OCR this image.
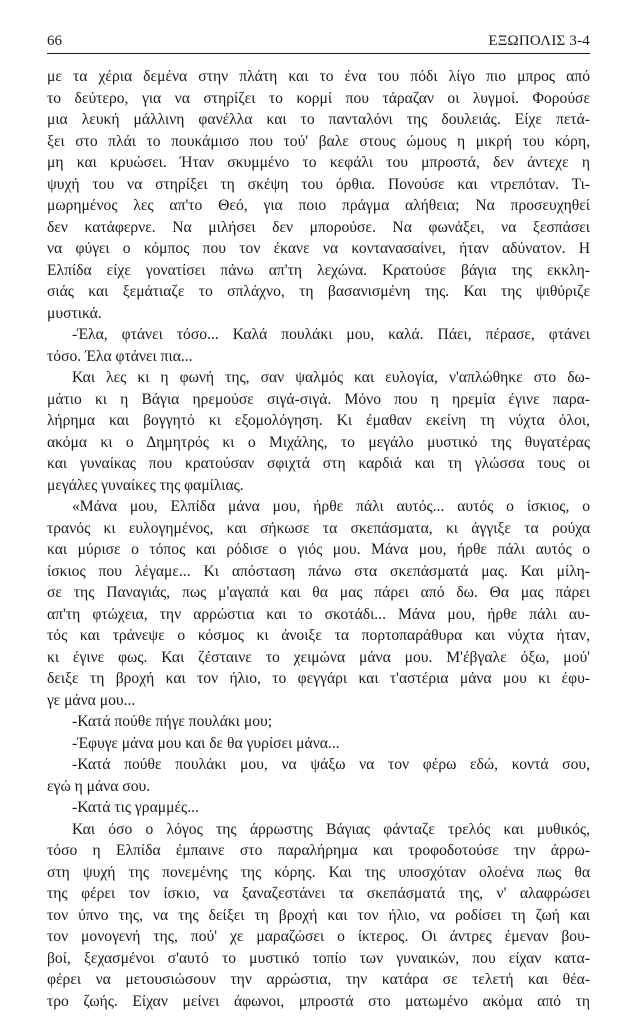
66	ΕΞΩΠΟΛΙΣ 3-4
με τα χέρια δεμένα στην πλάτη και το ένα του πόδι λίγο πιο μπρος από
το δεύτερο, για να στηρίζει το κορμί που τάραζαν οι λυγμοί. Φορούσε
μια λευκή μάλλινη φανέλλα και το πανταλόνι της δουλειάς. Είχε πετά-
ξει στο πλάι το πουκάμισο που τού' βαλε στους ώμους η μικρή του κόρη,
μη και κρυώσει. Ήταν σκυμμένο το κεφάλι του μπροστά, δεν άντεχε η
ψυχή του να στηρίξει τη σκέψη του όρθια. Πονούσε και ντρεπόταν. Τι-
μωρημένος λες απ'το Θεό, για ποιο πράγμα αλήθεια; Να προσευχηθεί
δεν κατάφερνε. Να μιλήσει δεν μπορούσε. Να φωνάξει, να ξεσπάσει
να φύγει ο κόμπος που τον έκανε να κοντανασαίνει, ήταν αδύνατον. Η
Ελπίδα είχε γονατίσει πάνω απ'τη λεχώνα. Κρατούσε βάγια της εκκλη-
σιάς και ξεμάτιαζε το σπλάχνο, τη βασανισμένη της. Και της ψιθύριζε
μυστικά.
-Έλα, φτάνει τόσο... Καλά πουλάκι μου, καλά. Πάει, πέρασε, φτάνει
τόσο. Έλα φτάνει πια...
Και λες κι η φωνή της, σαν ψαλμός και ευλογία, ν'απλώθηκε στο δω-
μάτιο κι η Βάγια ηρεμούσε σιγά-σιγά. Μόνο που η ηρεμία έγινε παρα-
λήρημα και βογγητό κι εξομολόγηση. Κι έμαθαν εκείνη τη νύχτα όλοι,
ακόμα κι ο Δημητρός κι ο Μιχάλης, το μεγάλο μυστικό της θυγατέρας
και γυναίκας που κρατούσαν σφιχτά στη καρδιά και τη γλώσσα τους οι
μεγάλες γυναίκες της φαμίλιας.
«Μάνα μου, Ελπίδα μάνα μου, ήρθε πάλι αυτός... αυτός ο ίσκιος, ο
τρανός κι ευλογημένος, και σήκωσε τα σκεπάσματα, κι άγγιξε τα ρούχα
και μύρισε ο τόπος και ρόδισε ο γιός μου. Μάνα μου, ήρθε πάλι αυτός ο
ίσκιος που λέγαμε... Κι απόσταση πάνω στα σκεπάσματά μας. Και μίλη-
σε της Παναγιάς, πως μ'αγαπά και θα μας πάρει από δω. Θα μας πάρει
απ'τη φτώχεια, την αρρώστια και το σκοτάδι... Μάνα μου, ήρθε πάλι αυ-
τός και τράνεψε ο κόσμος κι άνοιξε τα πορτοπαράθυρα και νύχτα ήταν,
κι έγινε φως. Και ζέσταινε το χειμώνα μάνα μου. Μ'έβγαλε όξω, μού'
δειξε τη βροχή και τον ήλιο, το φεγγάρι και τ'αστέρια μάνα μου κι έφυ-
γε μάνα μου...
-Κατά πούθε πήγε πουλάκι μου;
-Έφυγε μάνα μου και δε θα γυρίσει μάνα...
-Κατά πούθε πουλάκι μου, να ψάξω να τον φέρω εδώ, κοντά σου,
εγώ η μάνα σου.
-Κατά τις γραμμές...
Και όσο ο λόγος της άρρωστης Βάγιας φάνταζε τρελός και μυθικός,
τόσο η Ελπίδα έμπαινε στο παραλήρημα και τροφοδοτούσε την άρρω-
στη ψυχή της πονεμένης της κόρης. Και της υποσχόταν ολοένα πως θα
της φέρει τον ίσκιο, να ξαναζεστάνει τα σκεπάσματά της, ν' αλαφρώσει
τον ύπνο της, να της δείξει τη βροχή και τον ήλιο, να ροδίσει τη ζωή και
τον μονογενή της, πού' χε μαραζώσει ο ίκτερος. Οι άντρες έμεναν βου-
βοί, ξεχασμένοι σ'αυτό το μυστικό τοπίο των γυναικών, που είχαν κατα-
φέρει να μετουσιώσουν την αρρώστια, την κατάρα σε τελετή και θέα-
τρο ζωής. Είχαν μείνει άφωνοι, μπροστά στο ματωμένο ακόμα από τη
